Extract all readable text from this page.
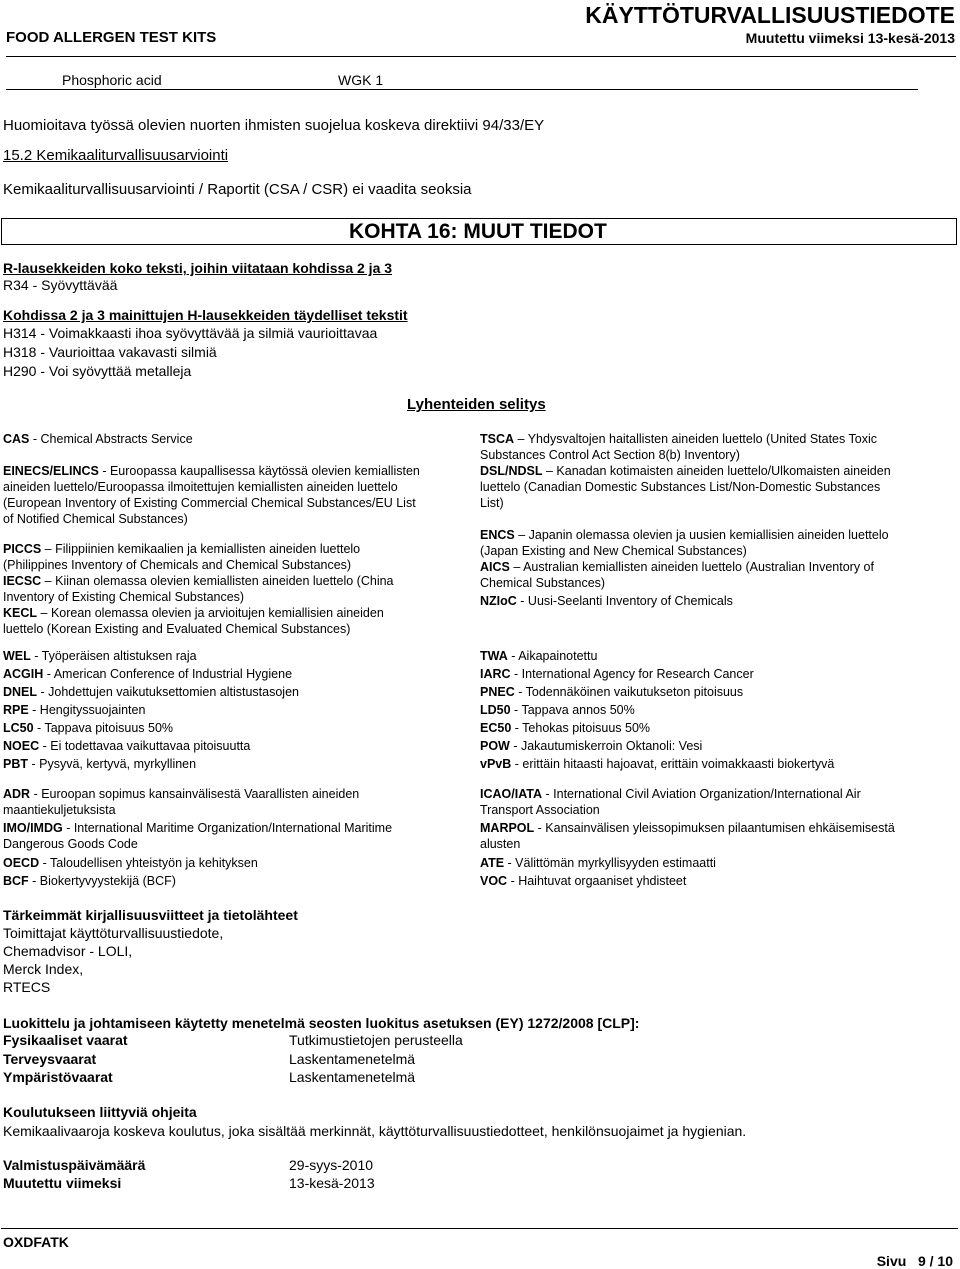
KÄYTTÖTURVALLISUUSTIEDOTE
FOOD ALLERGEN TEST KITS	Muutettu viimeksi 13-kesä-2013
Phosphoric acid	WGK 1
Huomioitava työssä olevien nuorten ihmisten suojelua koskeva direktiivi 94/33/EY
15.2 Kemikaaliturvallisuusarviointi
Kemikaaliturvallisuusarviointi / Raportit (CSA / CSR) ei vaadita seoksia
KOHTA 16: MUUT TIEDOT
R-lausekkeiden koko teksti, joihin viitataan kohdissa 2 ja 3
R34 - Syövyttävää
Kohdissa 2 ja 3 mainittujen H-lausekkeiden täydelliset tekstit
H314 - Voimakkaasti ihoa syövyttävää ja silmiä vaurioittavaa
H318 - Vaurioittaa vakavasti silmiä
H290 - Voi syövyttää metalleja
Lyhenteiden selitys

CAS - Chemical Abstracts Service

EINECS/ELINCS - Euroopassa kaupallisessa käytössä olevien kemiallisten
aineiden luettelo/Euroopassa ilmoitettujen kemiallisten aineiden luettelo
(European Inventory of Existing Commercial Chemical Substances/EU List
of Notified Chemical Substances)

PICCS – Filippiinien kemikaalien ja kemiallisten aineiden luettelo
(Philippines Inventory of Chemicals and Chemical Substances)

IECSC – Kiinan olemassa olevien kemiallisten aineiden luettelo (China
Inventory of Existing Chemical Substances)

KECL – Korean olemassa olevien ja arvioitujen kemiallisien aineiden
luettelo (Korean Existing and Evaluated Chemical Substances)

TSCA – Yhdysvaltojen haitallisten aineiden luettelo (United States Toxic
Substances Control Act Section 8(b) Inventory)

DSL/NDSL – Kanadan kotimaisten aineiden luettelo/Ulkomaisten aineiden
luettelo (Canadian Domestic Substances List/Non-Domestic Substances
List)

ENCS – Japanin olemassa olevien ja uusien kemiallisien aineiden luettelo
(Japan Existing and New Chemical Substances)

AICS – Australian kemiallisten aineiden luettelo (Australian Inventory of
Chemical Substances)

NZIoC - Uusi-Seelanti Inventory of Chemicals

WEL - Työperäisen altistuksen raja

ACGIH - American Conference of Industrial Hygiene

DNEL - Johdettujen vaikutuksettomien altistustasojen

RPE - Hengityssuojainten

LC50 - Tappava pitoisuus 50%

NOEC - Ei todettavaa vaikuttavaa pitoisuutta

PBT - Pysyvä, kertyvä, myrkyllinen

TWA - Aikapainotettu

IARC - International Agency for Research Cancer

PNEC - Todennäköinen vaikutukseton pitoisuus

LD50 - Tappava annos 50%

EC50 - Tehokas pitoisuus 50%

POW - Jakautumiskerroin Oktanoli: Vesi

vPvB - erittäin hitaasti hajoavat, erittäin voimakkaasti biokertyvä

ADR - Euroopan sopimus kansainvälisestä Vaarallisten aineiden
maantiekuljetuksista

IMO/IMDG - International Maritime Organization/International Maritime
Dangerous Goods Code

OECD - Taloudellisen yhteistyön ja kehityksen

BCF - Biokertyvyystekijä (BCF)

ICAO/IATA - International Civil Aviation Organization/International Air
Transport Association

MARPOL - Kansainvälisen yleissopimuksen pilaantumisen ehkäisemisestä
alusten

ATE - Välittömän myrkyllisyyden estimaatti

VOC - Haihtuvat orgaaniset yhdisteet

Tärkeimmät kirjallisuusviitteet ja tietolähteet
Toimittajat käyttöturvallisuustiedote,
Chemadvisor - LOLI,
Merck Index,
RTECS
Luokittelu ja johtamiseen käytetty menetelmä seosten luokitus asetuksen (EY) 1272/2008 [CLP]:
Fysikaaliset vaarat	Tutkimustietojen perusteella
Terveysvaarat	Laskentamenetelmä
Ympäristövaarat	Laskentamenetelmä
Koulutukseen liittyviä ohjeita
Kemikaalivaaroja koskeva koulutus, joka sisältää merkinnät, käyttöturvallisuustiedotteet, henkilönsuojaimet ja hygienian.
Valmistuspäivämäärä	29-syys-2010
Muutettu viimeksi	13-kesä-2013
OXDFATK
Sivu 9 / 10
